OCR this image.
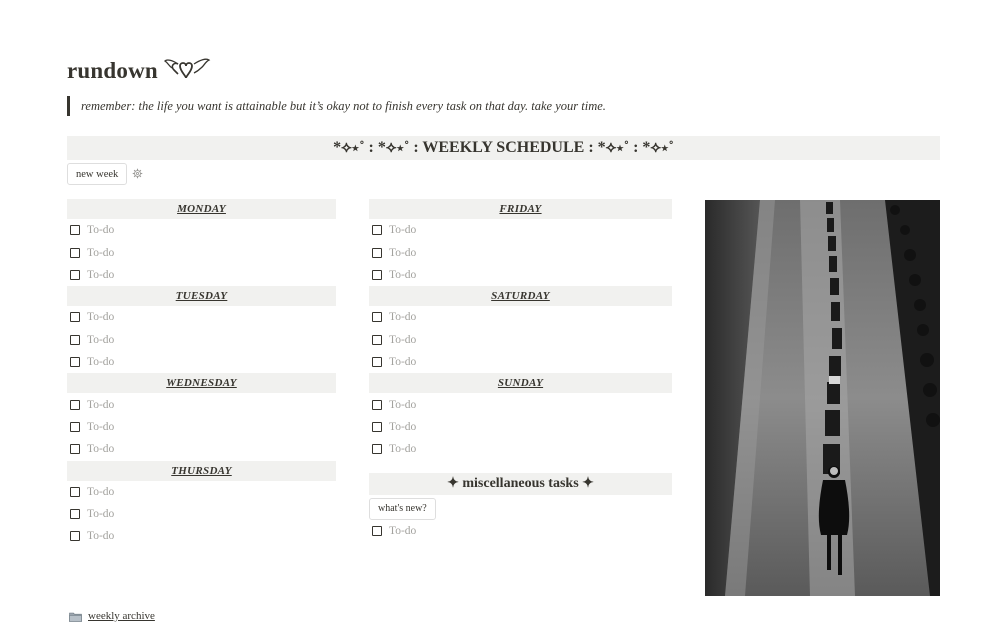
rundown
remember: the life you want is attainable but it’s okay not to finish every task on that day. take your time.
*⟡⋆˚ : *⟡⋆˚ : WEEKLY SCHEDULE : *⟡⋆˚ : *⟡⋆˚
new week
MONDAY
To-do
To-do
To-do
TUESDAY
To-do
To-do
To-do
WEDNESDAY
To-do
To-do
To-do
THURSDAY
To-do
To-do
To-do
FRIDAY
To-do
To-do
To-do
SATURDAY
To-do
To-do
To-do
SUNDAY
To-do
To-do
To-do
✦ miscellaneous tasks ✦
what's new?
To-do
weekly archive
